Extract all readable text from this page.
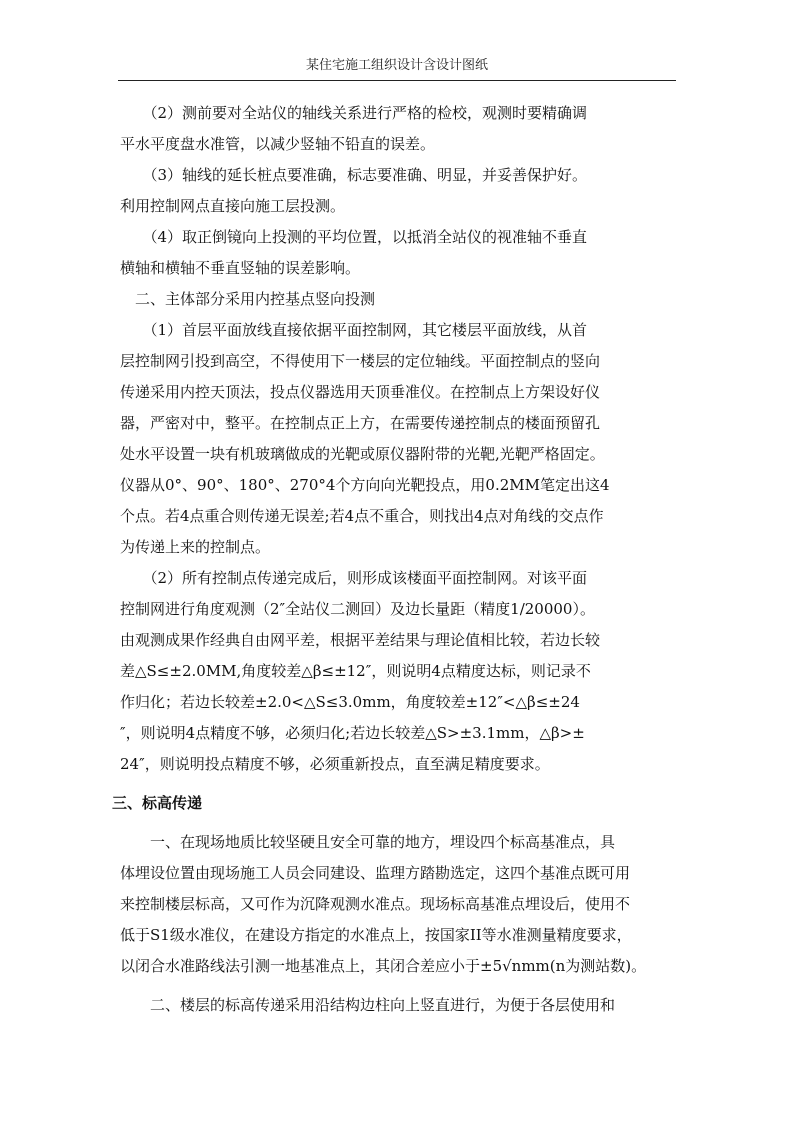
某住宅施工组织设计含设计图纸
　　（2）测前要对全站仪的轴线关系进行严格的检校，观测时要精确调
平水平度盘水准管，以减少竖轴不铅直的误差。
　　（3）轴线的延长桩点要准确，标志要准确、明显，并妥善保护好。
利用控制网点直接向施工层投测。
　　（4）取正倒镜向上投测的平均位置，以抵消全站仪的视准轴不垂直
横轴和横轴不垂直竖轴的误差影响。
　二、主体部分采用内控基点竖向投测
　　（1）首层平面放线直接依据平面控制网，其它楼层平面放线，从首
层控制网引投到高空，不得使用下一楼层的定位轴线。平面控制点的竖向
传递采用内控天顶法，投点仪器选用天顶垂准仪。在控制点上方架设好仪
器，严密对中，整平。在控制点正上方，在需要传递控制点的楼面预留孔
处水平设置一块有机玻璃做成的光靶或原仪器附带的光靶,光靶严格固定。
仪器从0°、90°、180°、270°4个方向向光靶投点，用0.2MM笔定出这4
个点。若4点重合则传递无误差;若4点不重合，则找出4点对角线的交点作
为传递上来的控制点。
　　（2）所有控制点传递完成后，则形成该楼面平面控制网。对该平面
控制网进行角度观测（2″全站仪二测回）及边长量距（精度1/20000）。
由观测成果作经典自由网平差，根据平差结果与理论值相比较，若边长较
差△S≤±2.0MM,角度较差△β≤±12″，则说明4点精度达标，则记录不
作归化；若边长较差±2.0<△S≤3.0mm，角度较差±12″<△β≤±24
″，则说明4点精度不够，必须归化;若边长较差△S>±3.1mm，△β>±
24″，则说明投点精度不够，必须重新投点，直至满足精度要求。
三、标高传递
　　一、在现场地质比较坚硬且安全可靠的地方，埋设四个标高基准点，具
体埋设位置由现场施工人员会同建设、监理方踏勘选定，这四个基准点既可用
来控制楼层标高，又可作为沉降观测水准点。现场标高基准点埋设后，使用不
低于S1级水准仪，在建设方指定的水准点上，按国家II等水准测量精度要求，
以闭合水准路线法引测一地基准点上，其闭合差应小于±5√nmm(n为测站数)。
　　二、楼层的标高传递采用沿结构边柱向上竖直进行，为便于各层使用和
